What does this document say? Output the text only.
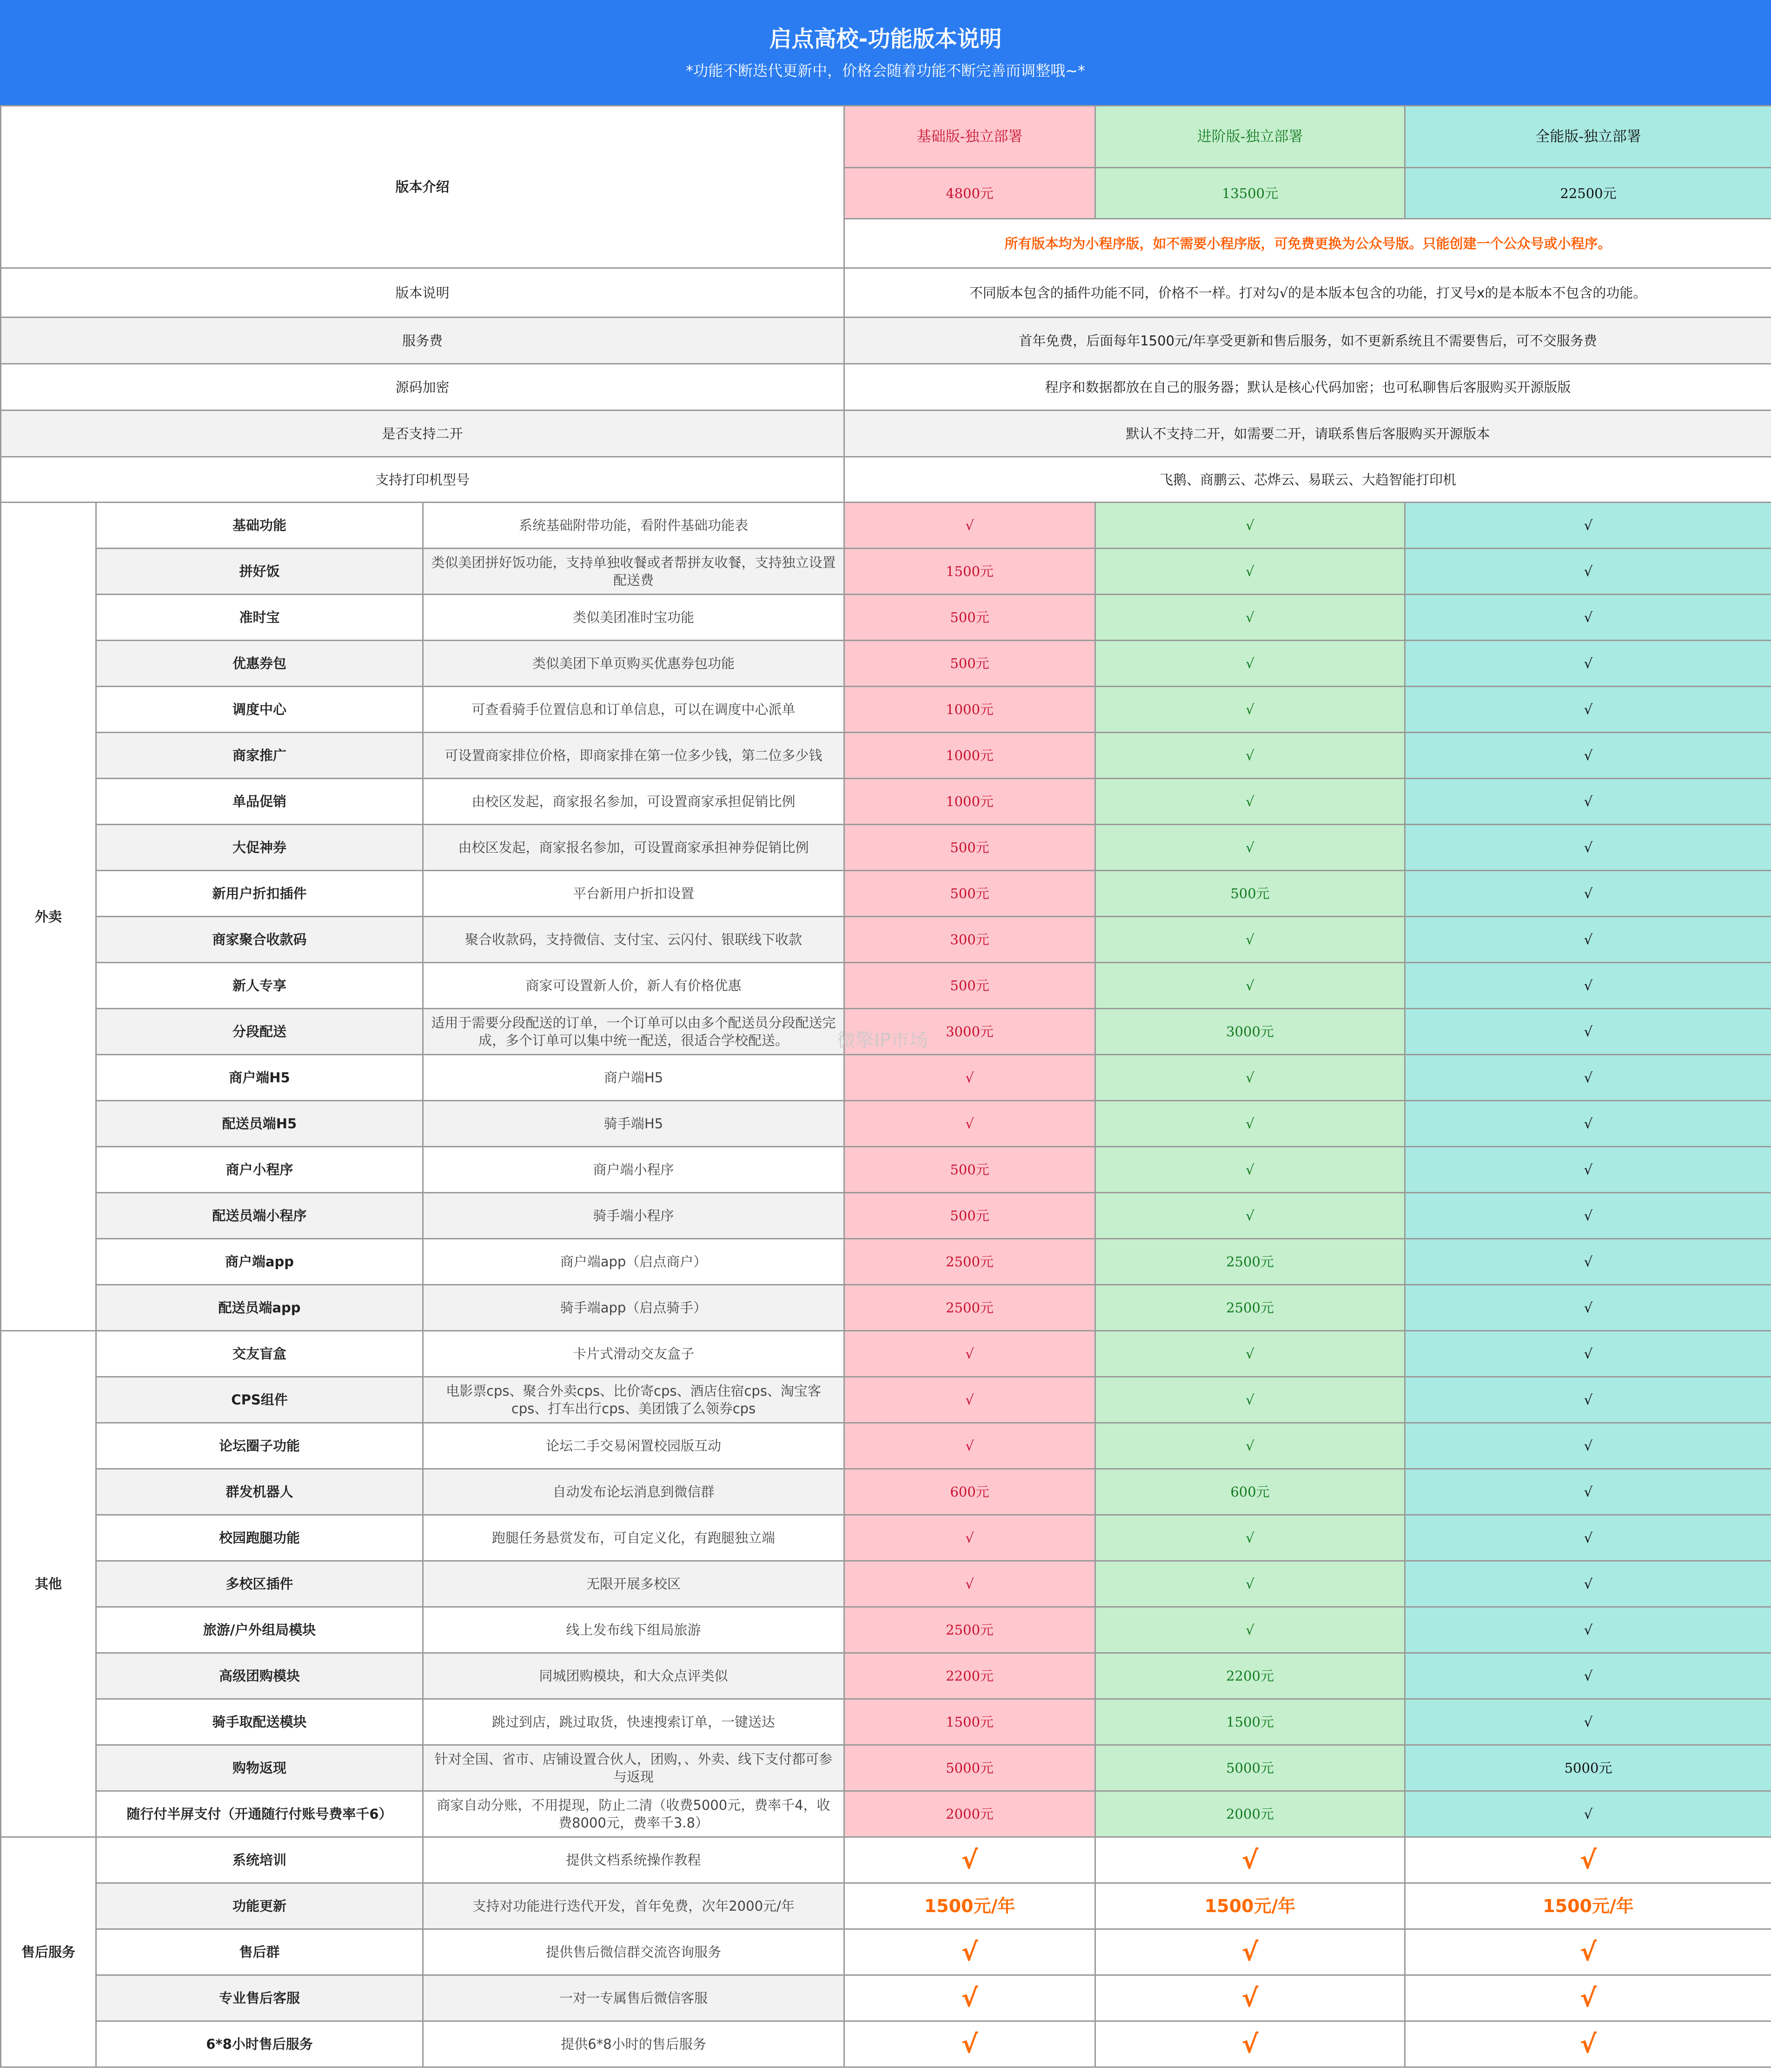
启点高校-功能版本说明
*功能不断迭代更新中，价格会随着功能不断完善而调整哦~*
版本介绍			基础版-独立部署	进阶版-独立部署	全能版-独立部署
			4800元	13500元	22500元
			所有版本均为小程序版，如不需要小程序版，可免费更换为公众号版。只能创建一个公众号或小程序。		
版本说明			不同版本包含的插件功能不同，价格不一样。打对勾√的是本版本包含的功能，打叉号x的是本版本不包含的功能。		
服务费			首年免费，后面每年1500元/年享受更新和售后服务，如不更新系统且不需要售后，可不交服务费		
源码加密			程序和数据都放在自己的服务器；默认是核心代码加密；也可私聊售后客服购买开源版版		
是否支持二开			默认不支持二开，如需要二开，请联系售后客服购买开源版本		
支持打印机型号			飞鹅、商鹏云、芯烨云、易联云、大趋智能打印机		
外卖	基础功能	系统基础附带功能，看附件基础功能表	√	√	√
	拼好饭	类似美团拼好饭功能，支持单独收餐或者帮拼友收餐，支持独立设置配送费	1500元	√	√
	准时宝	类似美团准时宝功能	500元	√	√
	优惠券包	类似美团下单页购买优惠券包功能	500元	√	√
	调度中心	可查看骑手位置信息和订单信息，可以在调度中心派单	1000元	√	√
	商家推广	可设置商家排位价格，即商家排在第一位多少钱，第二位多少钱	1000元	√	√
	单品促销	由校区发起，商家报名参加，可设置商家承担促销比例	1000元	√	√
	大促神券	由校区发起，商家报名参加，可设置商家承担神券促销比例	500元	√	√
	新用户折扣插件	平台新用户折扣设置	500元	500元	√
	商家聚合收款码	聚合收款码，支持微信、支付宝、云闪付、银联线下收款	300元	√	√
	新人专享	商家可设置新人价，新人有价格优惠	500元	√	√
	分段配送	适用于需要分段配送的订单，一个订单可以由多个配送员分段配送完成，多个订单可以集中统一配送，很适合学校配送。	3000元	3000元	√
	商户端H5	商户端H5	√	√	√
	配送员端H5	骑手端H5	√	√	√
	商户小程序	商户端小程序	500元	√	√
	配送员端小程序	骑手端小程序	500元	√	√
	商户端app	商户端app（启点商户）	2500元	2500元	√
	配送员端app	骑手端app（启点骑手）	2500元	2500元	√
其他	交友盲盒	卡片式滑动交友盒子	√	√	√
	CPS组件	电影票cps、聚合外卖cps、比价寄cps、酒店住宿cps、淘宝客cps、打车出行cps、美团饿了么领券cps	√	√	√
	论坛圈子功能	论坛二手交易闲置校园版互动	√	√	√
	群发机器人	自动发布论坛消息到微信群	600元	600元	√
	校园跑腿功能	跑腿任务悬赏发布，可自定义化，有跑腿独立端	√	√	√
	多校区插件	无限开展多校区	√	√	√
	旅游/户外组局模块	线上发布线下组局旅游	2500元	√	√
	高级团购模块	同城团购模块，和大众点评类似	2200元	2200元	√
	骑手取配送模块	跳过到店，跳过取货，快速搜索订单，一键送达	1500元	1500元	√
	购物返现	针对全国、省市、店铺设置合伙人，团购，、外卖、线下支付都可参与返现	5000元	5000元	5000元
	随行付半屏支付（开通随行付账号费率千6）	商家自动分账，不用提现，防止二清（收费5000元，费率千4，收费8000元，费率千3.8）	2000元	2000元	√
售后服务	系统培训	提供文档系统操作教程	√	√	√
	功能更新	支持对功能进行迭代开发，首年免费，次年2000元/年	1500元/年	1500元/年	1500元/年
	售后群	提供售后微信群交流咨询服务	√	√	√
	专业售后客服	一对一专属售后微信客服	√	√	√
	6*8小时售后服务	提供6*8小时的售后服务	√	√	√
微擎IP市场
